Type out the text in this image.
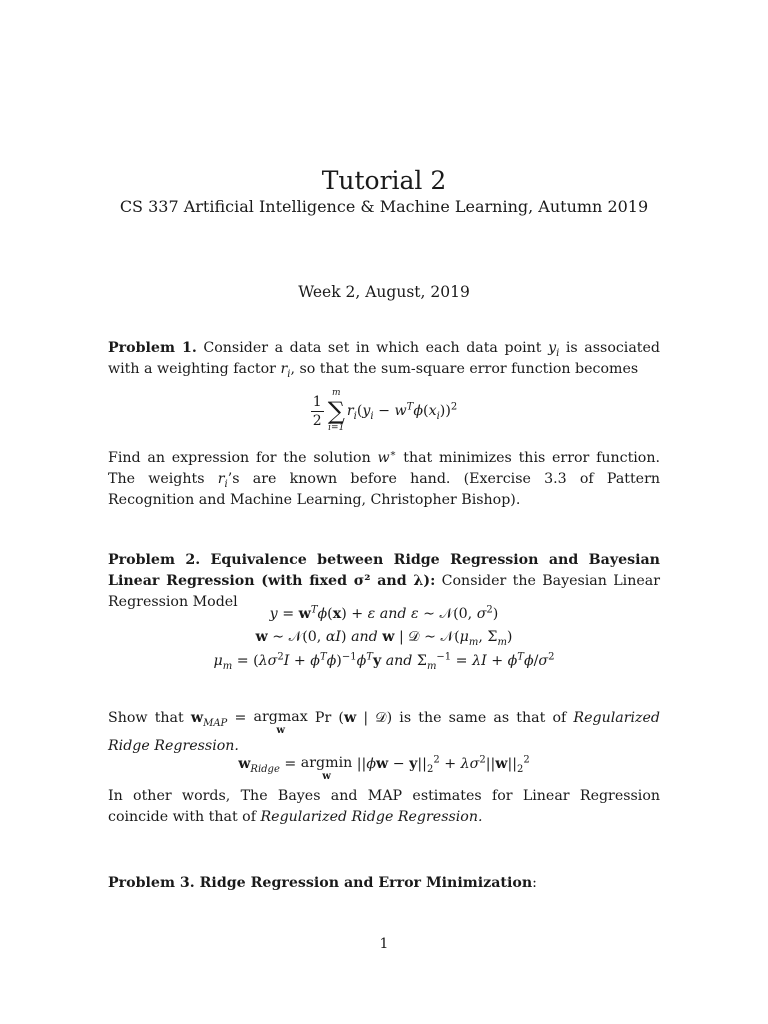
Tutorial 2
CS 337 Artificial Intelligence & Machine Learning, Autumn 2019
Week 2, August, 2019
Problem 1. Consider a data set in which each data point $y_i$ is associated with a weighting factor $r_i$, so that the sum-square error function becomes
$\frac{1}{2}$ m
∑
i=1
$r_i(y_i - w^T\phi(x_i))^2$
Find an expression for the solution w∗ that minimizes this error function. The weights $r_i’s$ are known before hand. (Exercise 3.3 of Pattern Recognition and Machine Learning, Christopher Bishop).
Problem 2. Equivalence between Ridge Regression and Bayesian Linear Regression (with fixed σ² and λ): Consider the Bayesian Linear Regression Model
$y = w^T\phi(x) + \varepsilon$ and ε ∼ 𝒩(0, $\sigma^2$)
w ∼ 𝒩(0, αI) and w | 𝒟 ∼ $𝒩(\mu_m$, $\Sigma_m$)
$\mu_m = (\lambda\sigma^2I + \phi^T\phi)^{-1}\phi^Ty$ and $\Sigma_m^{-1} = \lambda I + \phi^T\phi/\sigma^2$
Show that $w_{MAP} = argmax$
w
Pr (w | 𝒟) is the same as that of Regularized Ridge Regression.
$w_{Ridge} = argmin$
w
$||\phi w - y||_2^2 + \lambda\sigma^2||w||_2^2$
In other words, The Bayes and MAP estimates for Linear Regression coincide with that of Regularized Ridge Regression.
Problem 3. Ridge Regression and Error Minimization:
1
